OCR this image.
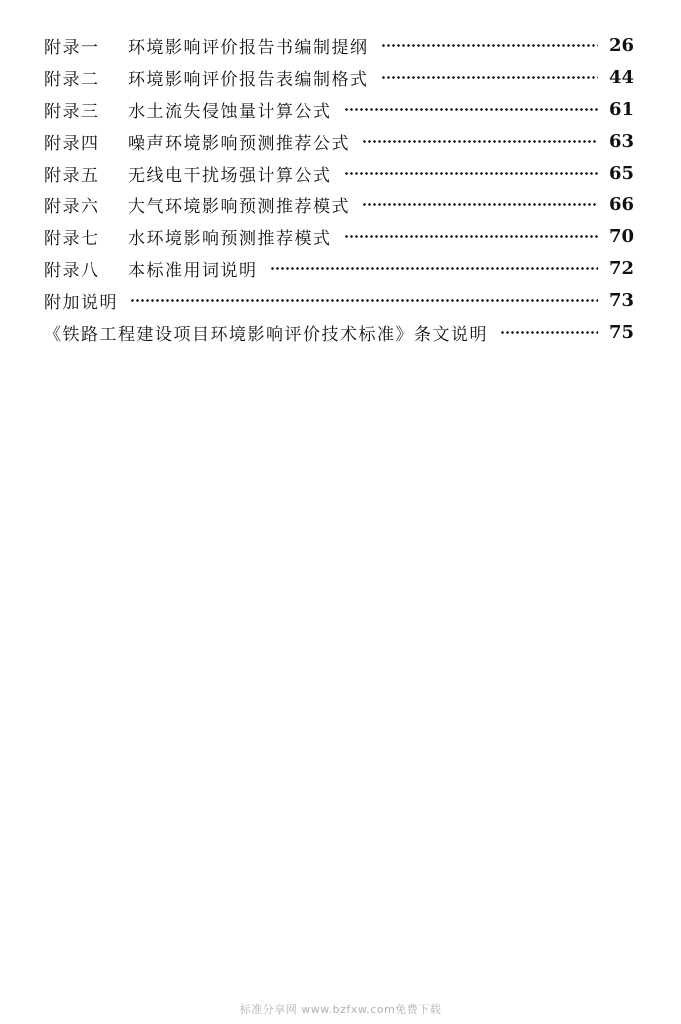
附录一	环境影响评价报告书编制提纲	26
附录二	环境影响评价报告表编制格式	44
附录三	水土流失侵蚀量计算公式	61
附录四	噪声环境影响预测推荐公式	63
附录五	无线电干扰场强计算公式	65
附录六	大气环境影响预测推荐模式	66
附录七	水环境影响预测推荐模式	70
附录八	本标准用词说明	72
附加说明	73
《铁路工程建设项目环境影响评价技术标准》条文说明	75
标准分享网 www.bzfxw.com免费下载
